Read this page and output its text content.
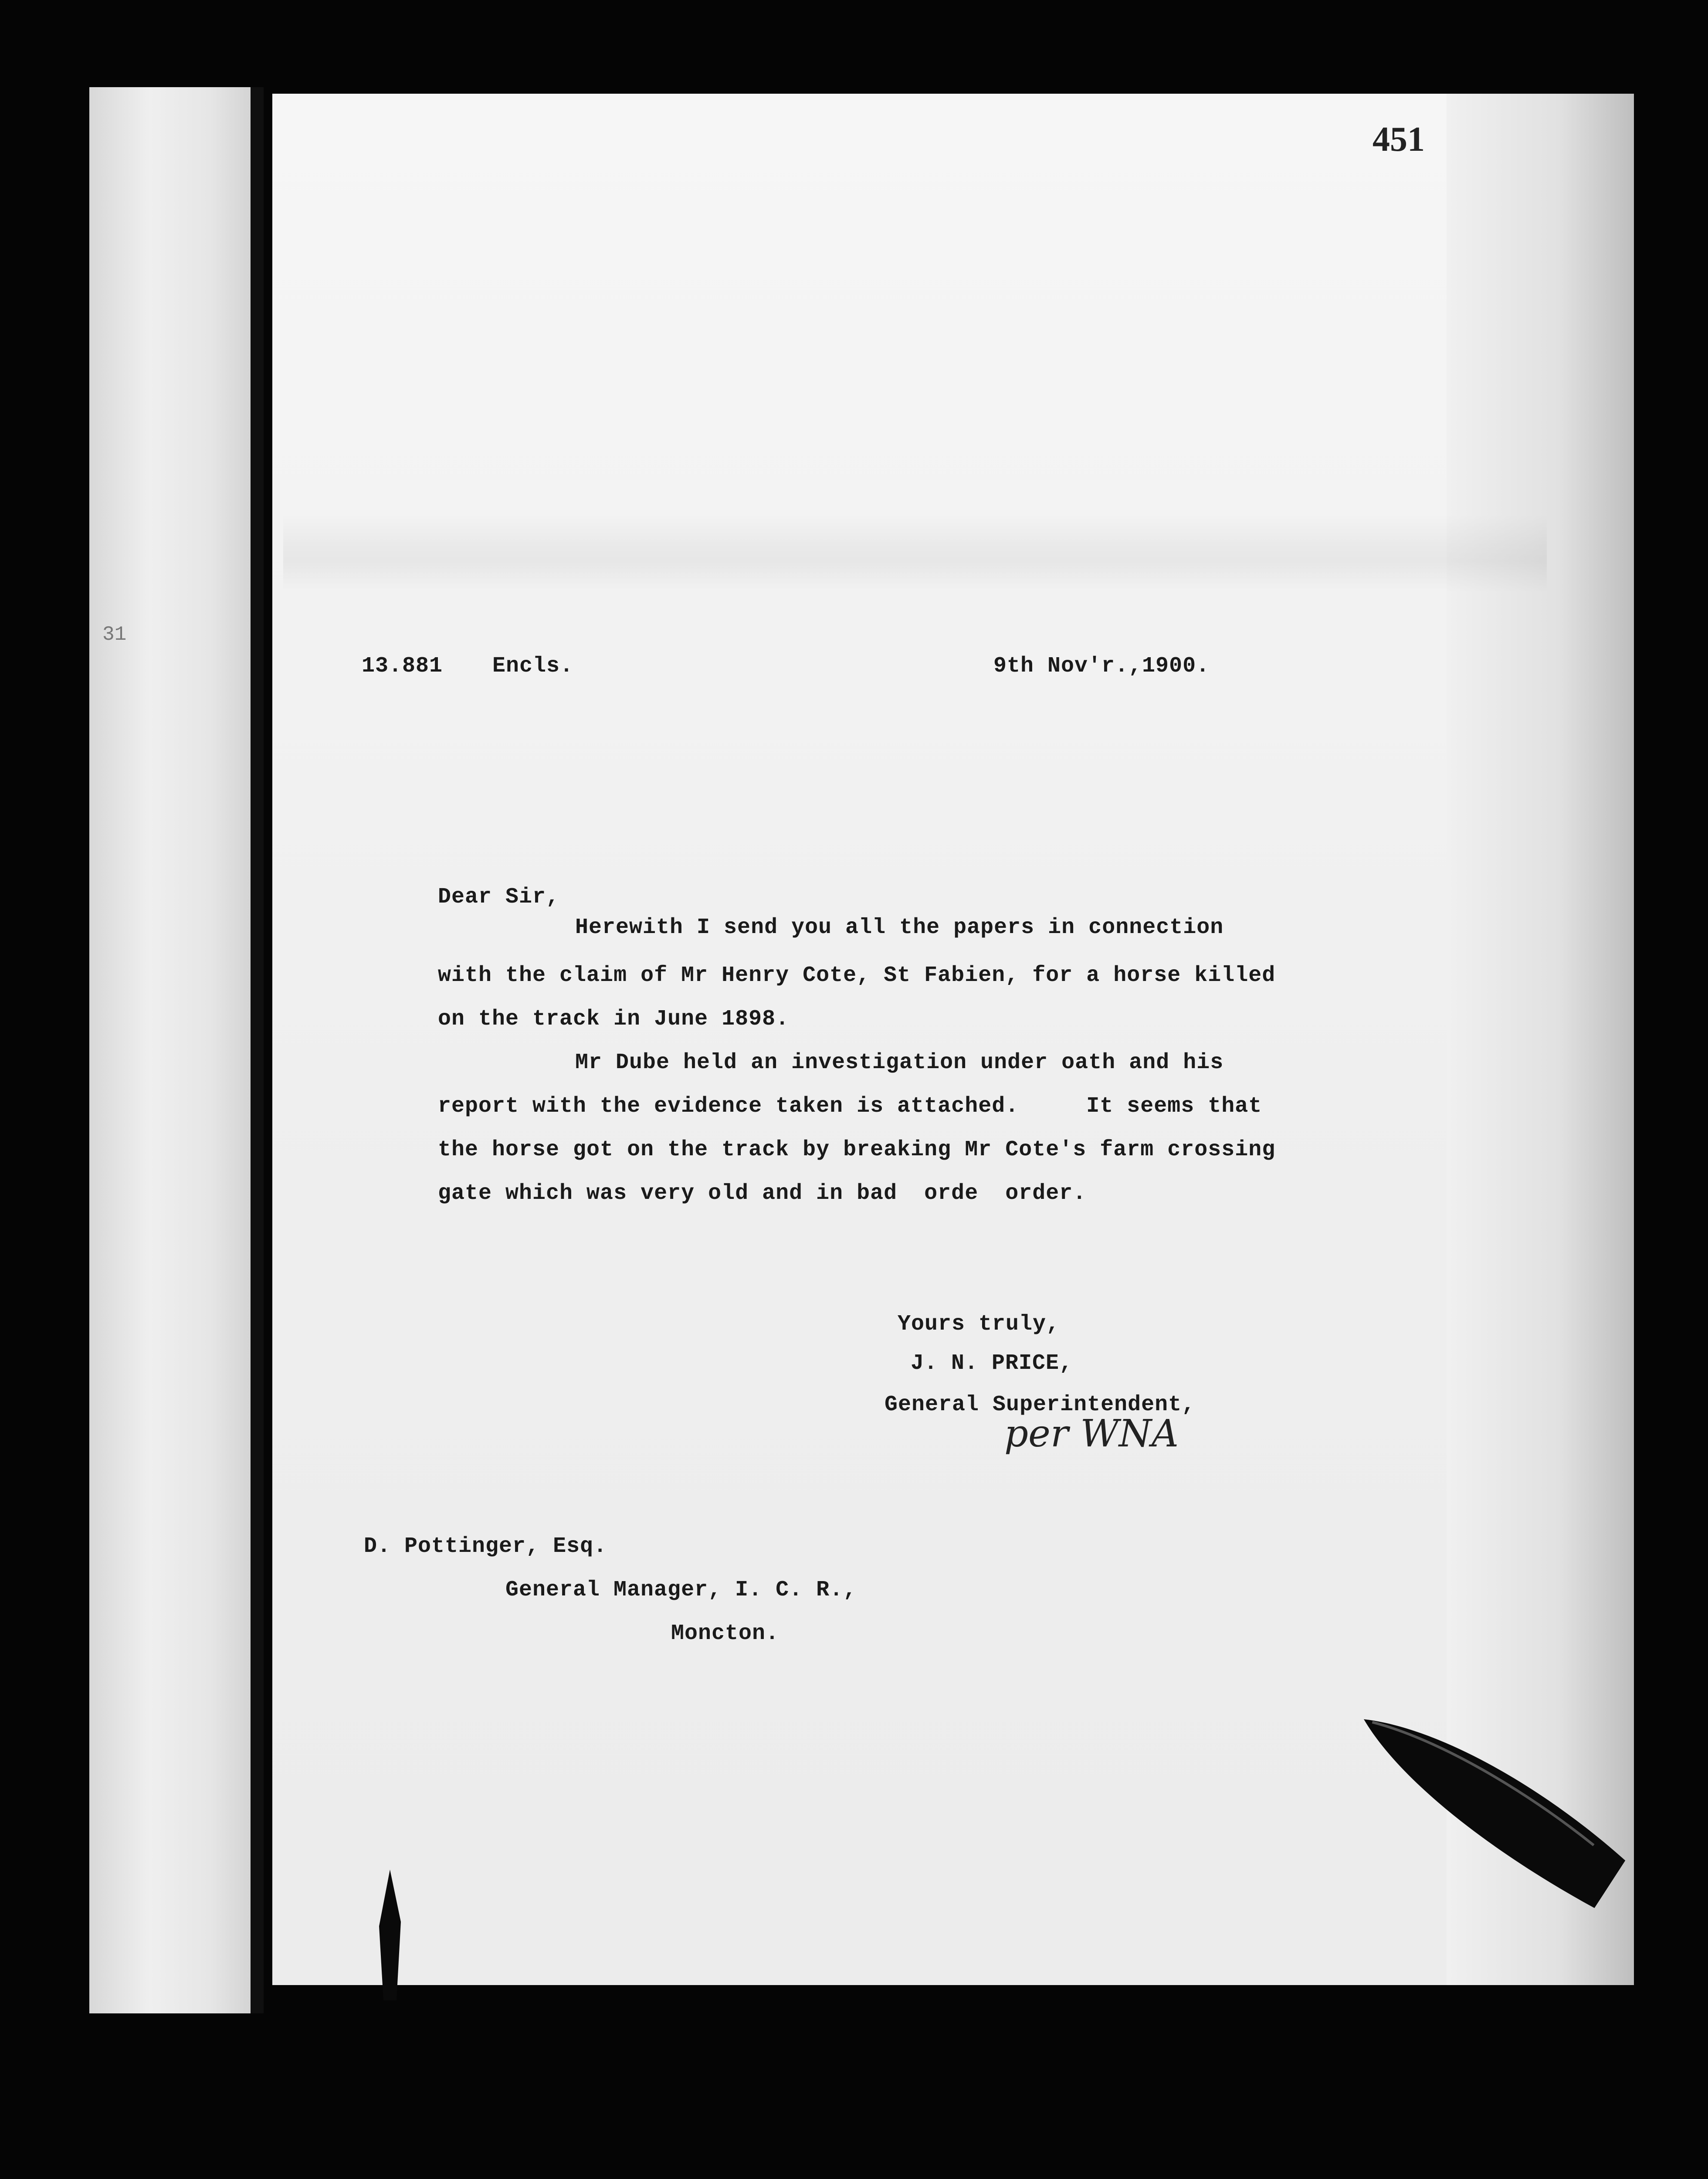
31
451
13.881 Encls.	9th Nov'r.,1900.
Dear Sir,
Herewith I send you all the papers in connection
with the claim of Mr Henry Cote, St Fabien, for a horse killed
on the track in June 1898.
Mr Dube held an investigation under oath and his
report with the evidence taken is attached.     It seems that
the horse got on the track by breaking Mr Cote's farm crossing
gate which was very old and in bad  orde  order.
Yours truly,
J. N. PRICE,
General Superintendent,
per WNA
D. Pottinger, Esq.
General Manager, I. C. R.,
Moncton.
